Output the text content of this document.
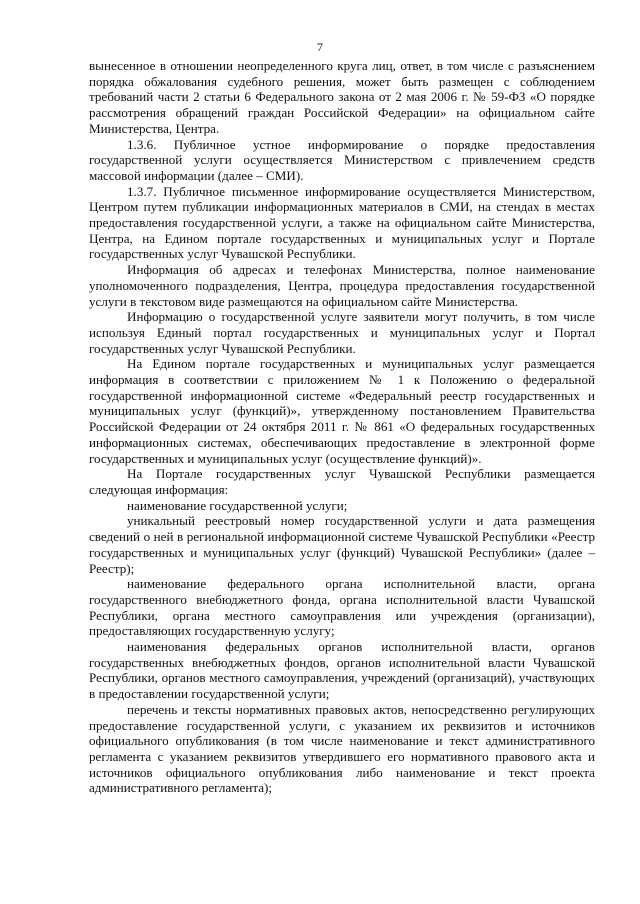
7

вынесенное в отношении неопределенного круга лиц, ответ, в том числе с разъяснением порядка обжалования судебного решения, может быть размещен с соблюдением требований части 2 статьи 6 Федерального закона от 2 мая 2006 г. № 59-ФЗ «О порядке рассмотрения обращений граждан Российской Федерации» на официальном сайте Министерства, Центра.

1.3.6. Публичное устное информирование о порядке предоставления государственной услуги осуществляется Министерством с привлечением средств массовой информации (далее – СМИ).

1.3.7. Публичное письменное информирование осуществляется Министерством, Центром путем публикации информационных материалов в СМИ, на стендах в местах предоставления государственной услуги, а также на официальном сайте Министерства, Центра, на Едином портале государственных и муниципальных услуг и Портале государственных услуг Чувашской Республики.

Информация об адресах и телефонах Министерства, полное наименование уполномоченного подразделения, Центра, процедура предоставления государственной услуги в текстовом виде размещаются на официальном сайте Министерства.

Информацию о государственной услуге заявители могут получить, в том числе используя Единый портал государственных и муниципальных услуг и Портал государственных услуг Чувашской Республики.

На Едином портале государственных и муниципальных услуг размещается информация в соответствии с приложением № 1 к Положению о федеральной государственной информационной системе «Федеральный реестр государственных и муниципальных услуг (функций)», утвержденному постановлением Правительства Российской Федерации от 24 октября 2011 г. № 861 «О федеральных государственных информационных системах, обеспечивающих предоставление в электронной форме государственных и муниципальных услуг (осуществление функций)».

На Портале государственных услуг Чувашской Республики размещается следующая информация:

наименование государственной услуги;

уникальный реестровый номер государственной услуги и дата размещения сведений о ней в региональной информационной системе Чувашской Республики «Реестр государственных и муниципальных услуг (функций) Чувашской Республики» (далее – Реестр);

наименование федерального органа исполнительной власти, органа государственного внебюджетного фонда, органа исполнительной власти Чувашской Республики, органа местного самоуправления или учреждения (организации), предоставляющих государственную услугу;

наименования федеральных органов исполнительной власти, органов государственных внебюджетных фондов, органов исполнительной власти Чувашской Республики, органов местного самоуправления, учреждений (организаций), участвующих в предоставлении государственной услуги;

перечень и тексты нормативных правовых актов, непосредственно регулирующих предоставление государственной услуги, с указанием их реквизитов и источников официального опубликования (в том числе наименование и текст административного регламента с указанием реквизитов утвердившего его нормативного правового акта и источников официального опубликования либо наименование и текст проекта административного регламента);
